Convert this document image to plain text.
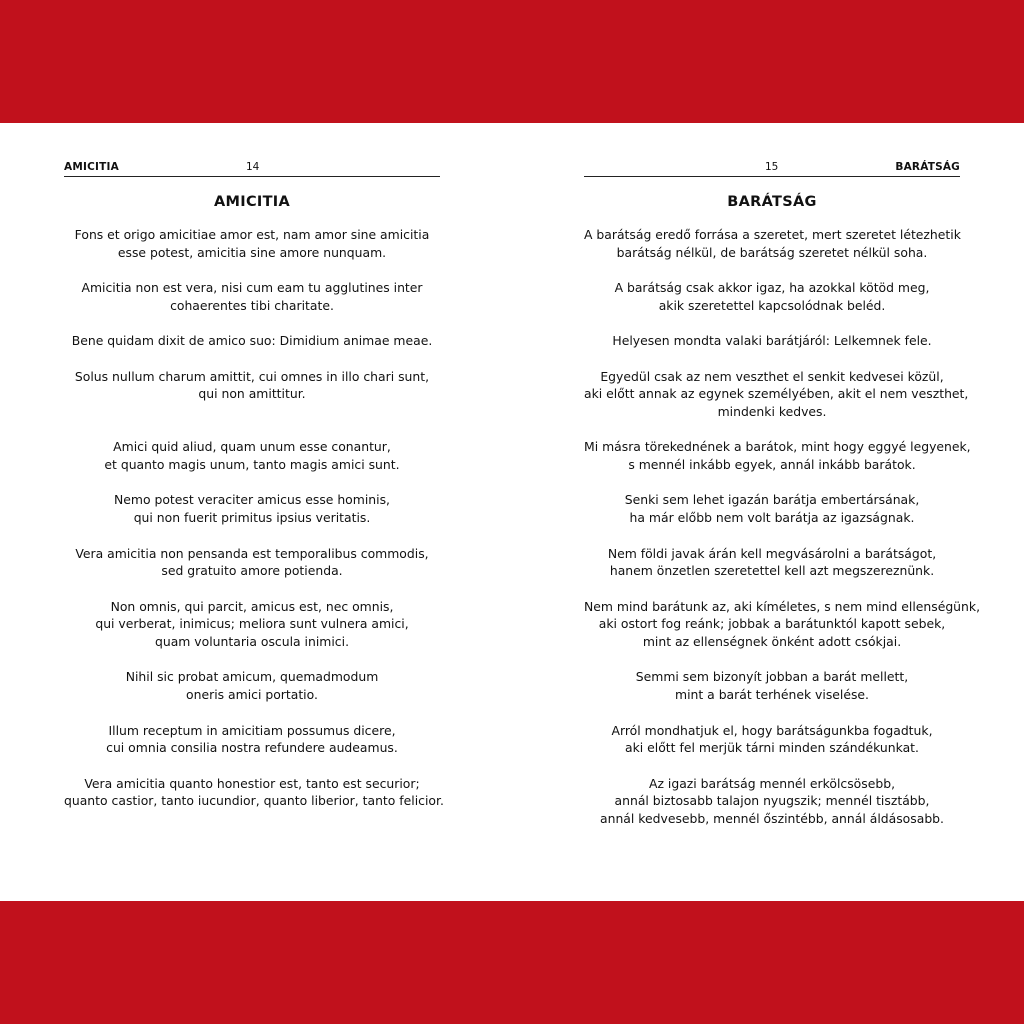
AMICITIA	14
AMICITIA
Fons et origo amicitiae amor est, nam amor sine amicitia
esse potest, amicitia sine amore nunquam.
Amicitia non est vera, nisi cum eam tu agglutines inter
cohaerentes tibi charitate.
Bene quidam dixit de amico suo: Dimidium animae meae.
Solus nullum charum amittit, cui omnes in illo chari sunt,
qui non amittitur.
Amici quid aliud, quam unum esse conantur,
et quanto magis unum, tanto magis amici sunt.
Nemo potest veraciter amicus esse hominis,
qui non fuerit primitus ipsius veritatis.
Vera amicitia non pensanda est temporalibus commodis,
sed gratuito amore potienda.
Non omnis, qui parcit, amicus est, nec omnis,
qui verberat, inimicus; meliora sunt vulnera amici,
quam voluntaria oscula inimici.
Nihil sic probat amicum, quemadmodum
oneris amici portatio.
Illum receptum in amicitiam possumus dicere,
cui omnia consilia nostra refundere audeamus.
Vera amicitia quanto honestior est, tanto est securior;
quanto castior, tanto iucundior, quanto liberior, tanto felicior.
15	BARÁTSÁG
BARÁTSÁG
A barátság eredő forrása a szeretet, mert szeretet létezhetik
barátság nélkül, de barátság szeretet nélkül soha.
A barátság csak akkor igaz, ha azokkal kötöd meg,
akik szeretettel kapcsolódnak beléd.
Helyesen mondta valaki barátjáról: Lelkemnek fele.
Egyedül csak az nem veszthet el senkit kedvesei közül,
aki előtt annak az egynek személyében, akit el nem veszthet,
mindenki kedves.
Mi másra törekednének a barátok, mint hogy eggyé legyenek,
s mennél inkább egyek, annál inkább barátok.
Senki sem lehet igazán barátja embertársának,
ha már előbb nem volt barátja az igazságnak.
Nem földi javak árán kell megvásárolni a barátságot,
hanem önzetlen szeretettel kell azt megszereznünk.
Nem mind barátunk az, aki kíméletes, s nem mind ellenségünk,
aki ostort fog reánk; jobbak a barátunktól kapott sebek,
mint az ellenségnek önként adott csókjai.
Semmi sem bizonyít jobban a barát mellett,
mint a barát terhének viselése.
Arról mondhatjuk el, hogy barátságunkba fogadtuk,
aki előtt fel merjük tárni minden szándékunkat.
Az igazi barátság mennél erkölcsösebb,
annál biztosabb talajon nyugszik; mennél tisztább,
annál kedvesebb, mennél őszintébb, annál áldásosabb.
